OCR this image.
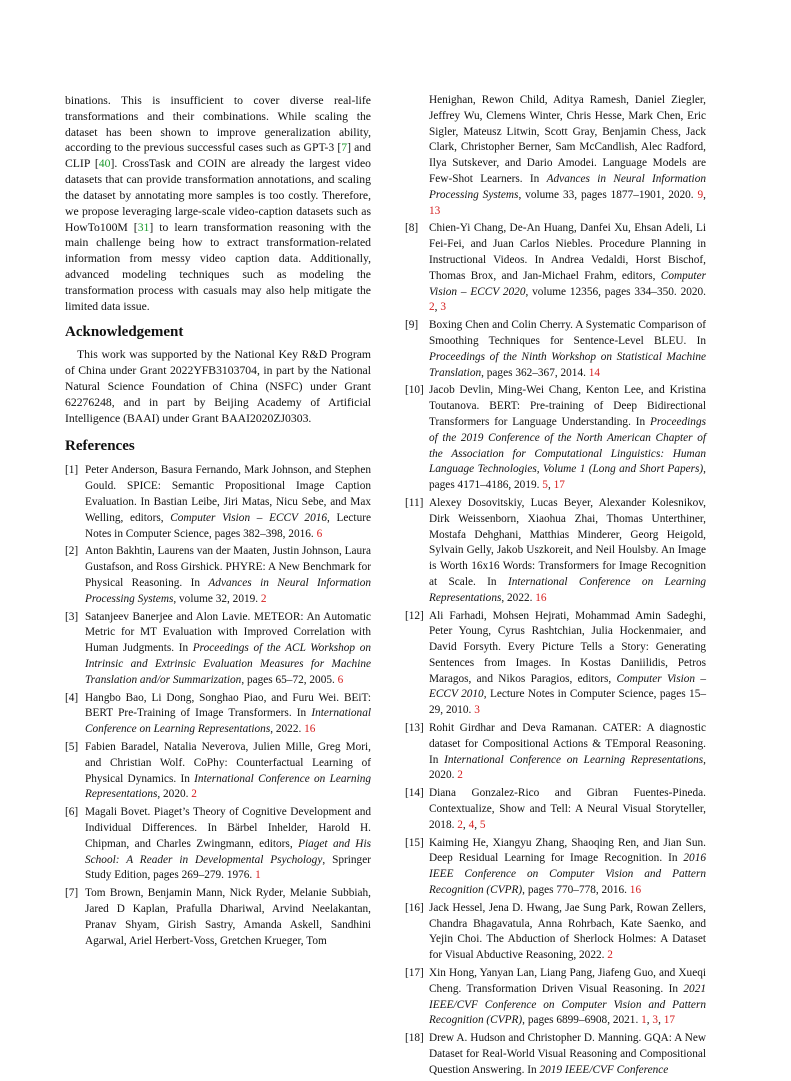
binations. This is insufficient to cover diverse real-life transformations and their combinations. While scaling the dataset has been shown to improve generalization ability, according to the previous successful cases such as GPT-3 [7] and CLIP [40]. CrossTask and COIN are already the largest video datasets that can provide transformation annotations, and scaling the dataset by annotating more samples is too costly. Therefore, we propose leveraging large-scale video-caption datasets such as HowTo100M [31] to learn transformation reasoning with the main challenge being how to extract transformation-related information from messy video caption data. Additionally, advanced modeling techniques such as modeling the transformation process with casuals may also help mitigate the limited data issue.

Acknowledgement

This work was supported by the National Key R&D Program of China under Grant 2022YFB3103704, in part by the National Natural Science Foundation of China (NSFC) under Grant 62276248, and in part by Beijing Academy of Artificial Intelligence (BAAI) under Grant BAAI2020ZJ0303.

References
[1] Peter Anderson, Basura Fernando, Mark Johnson, and Stephen Gould. SPICE: Semantic Propositional Image Caption Evaluation. In Bastian Leibe, Jiri Matas, Nicu Sebe, and Max Welling, editors, Computer Vision – ECCV 2016, Lecture Notes in Computer Science, pages 382–398, 2016. 6
[2] Anton Bakhtin, Laurens van der Maaten, Justin Johnson, Laura Gustafson, and Ross Girshick. PHYRE: A New Benchmark for Physical Reasoning. In Advances in Neural Information Processing Systems, volume 32, 2019. 2
[3] Satanjeev Banerjee and Alon Lavie. METEOR: An Automatic Metric for MT Evaluation with Improved Correlation with Human Judgments. In Proceedings of the ACL Workshop on Intrinsic and Extrinsic Evaluation Measures for Machine Translation and/or Summarization, pages 65–72, 2005. 6
[4] Hangbo Bao, Li Dong, Songhao Piao, and Furu Wei. BEiT: BERT Pre-Training of Image Transformers. In International Conference on Learning Representations, 2022. 16
[5] Fabien Baradel, Natalia Neverova, Julien Mille, Greg Mori, and Christian Wolf. CoPhy: Counterfactual Learning of Physical Dynamics. In International Conference on Learning Representations, 2020. 2
[6] Magali Bovet. Piaget’s Theory of Cognitive Development and Individual Differences. In Bärbel Inhelder, Harold H. Chipman, and Charles Zwingmann, editors, Piaget and His School: A Reader in Developmental Psychology, Springer Study Edition, pages 269–279. 1976. 1
[7] Tom Brown, Benjamin Mann, Nick Ryder, Melanie Subbiah, Jared D Kaplan, Prafulla Dhariwal, Arvind Neelakantan, Pranav Shyam, Girish Sastry, Amanda Askell, Sandhini Agarwal, Ariel Herbert-Voss, Gretchen Krueger, Tom
Henighan, Rewon Child, Aditya Ramesh, Daniel Ziegler, Jeffrey Wu, Clemens Winter, Chris Hesse, Mark Chen, Eric Sigler, Mateusz Litwin, Scott Gray, Benjamin Chess, Jack Clark, Christopher Berner, Sam McCandlish, Alec Radford, Ilya Sutskever, and Dario Amodei. Language Models are Few-Shot Learners. In Advances in Neural Information Processing Systems, volume 33, pages 1877–1901, 2020. 9, 13
[8] Chien-Yi Chang, De-An Huang, Danfei Xu, Ehsan Adeli, Li Fei-Fei, and Juan Carlos Niebles. Procedure Planning in Instructional Videos. In Andrea Vedaldi, Horst Bischof, Thomas Brox, and Jan-Michael Frahm, editors, Computer Vision – ECCV 2020, volume 12356, pages 334–350. 2020. 2, 3
[9] Boxing Chen and Colin Cherry. A Systematic Comparison of Smoothing Techniques for Sentence-Level BLEU. In Proceedings of the Ninth Workshop on Statistical Machine Translation, pages 362–367, 2014. 14
[10] Jacob Devlin, Ming-Wei Chang, Kenton Lee, and Kristina Toutanova. BERT: Pre-training of Deep Bidirectional Transformers for Language Understanding. In Proceedings of the 2019 Conference of the North American Chapter of the Association for Computational Linguistics: Human Language Technologies, Volume 1 (Long and Short Papers), pages 4171–4186, 2019. 5, 17
[11] Alexey Dosovitskiy, Lucas Beyer, Alexander Kolesnikov, Dirk Weissenborn, Xiaohua Zhai, Thomas Unterthiner, Mostafa Dehghani, Matthias Minderer, Georg Heigold, Sylvain Gelly, Jakob Uszkoreit, and Neil Houlsby. An Image is Worth 16x16 Words: Transformers for Image Recognition at Scale. In International Conference on Learning Representations, 2022. 16
[12] Ali Farhadi, Mohsen Hejrati, Mohammad Amin Sadeghi, Peter Young, Cyrus Rashtchian, Julia Hockenmaier, and David Forsyth. Every Picture Tells a Story: Generating Sentences from Images. In Kostas Daniilidis, Petros Maragos, and Nikos Paragios, editors, Computer Vision – ECCV 2010, Lecture Notes in Computer Science, pages 15–29, 2010. 3
[13] Rohit Girdhar and Deva Ramanan. CATER: A diagnostic dataset for Compositional Actions & TEmporal Reasoning. In International Conference on Learning Representations, 2020. 2
[14] Diana Gonzalez-Rico and Gibran Fuentes-Pineda. Contextualize, Show and Tell: A Neural Visual Storyteller, 2018. 2, 4, 5
[15] Kaiming He, Xiangyu Zhang, Shaoqing Ren, and Jian Sun. Deep Residual Learning for Image Recognition. In 2016 IEEE Conference on Computer Vision and Pattern Recognition (CVPR), pages 770–778, 2016. 16
[16] Jack Hessel, Jena D. Hwang, Jae Sung Park, Rowan Zellers, Chandra Bhagavatula, Anna Rohrbach, Kate Saenko, and Yejin Choi. The Abduction of Sherlock Holmes: A Dataset for Visual Abductive Reasoning, 2022. 2
[17] Xin Hong, Yanyan Lan, Liang Pang, Jiafeng Guo, and Xueqi Cheng. Transformation Driven Visual Reasoning. In 2021 IEEE/CVF Conference on Computer Vision and Pattern Recognition (CVPR), pages 6899–6908, 2021. 1, 3, 17
[18] Drew A. Hudson and Christopher D. Manning. GQA: A New Dataset for Real-World Visual Reasoning and Compositional Question Answering. In 2019 IEEE/CVF Conference
